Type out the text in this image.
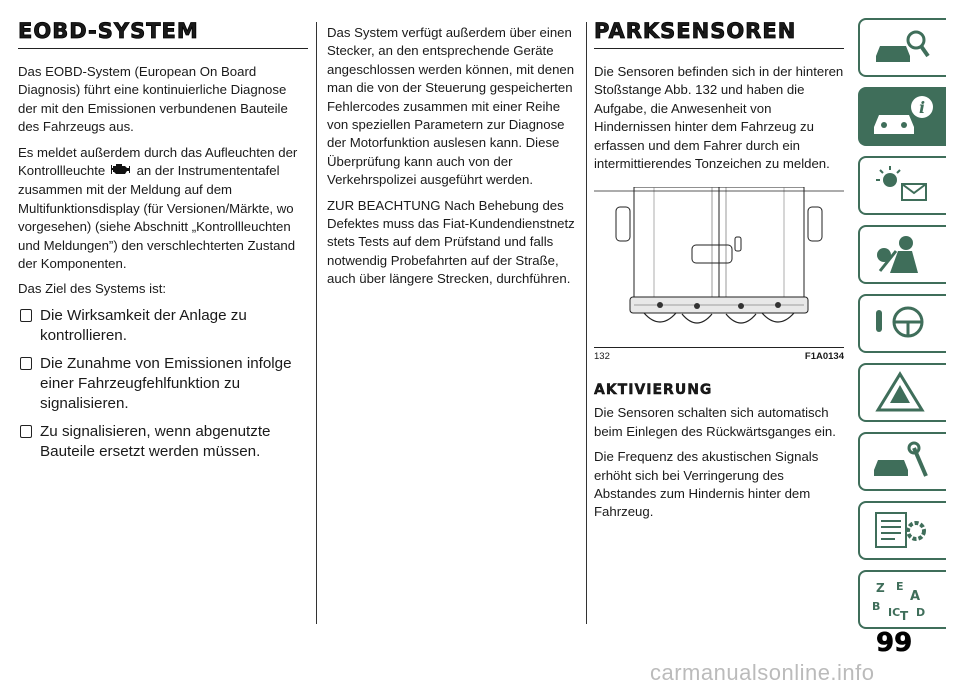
EOBD-SYSTEM

Das EOBD-System (European On Board Diagnosis) führt eine kontinuierliche Diagnose der mit den Emissionen verbundenen Bauteile des Fahrzeugs aus.

Es meldet außerdem durch das Aufleuchten der Kontrollleuchte an der Instrumententafel zusammen mit der Meldung auf dem Multifunktionsdisplay (für Versionen/Märkte, wo vorgesehen) (siehe Abschnitt „Kontrollleuchten und Meldungen”) den verschlechterten Zustand der Komponenten.

Das Ziel des Systems ist:

Die Wirksamkeit der Anlage zu kontrollieren.
Die Zunahme von Emissionen infolge einer Fahrzeugfehlfunktion zu signalisieren.
Zu signalisieren, wenn abgenutzte Bauteile ersetzt werden müssen.

Das System verfügt außerdem über einen Stecker, an den entsprechende Geräte angeschlossen werden können, mit denen man die von der Steuerung gespeicherten Fehlercodes zusammen mit einer Reihe von speziellen Parametern zur Diagnose der Motorfunktion auslesen kann. Diese Überprüfung kann auch von der Verkehrspolizei ausgeführt werden.

ZUR BEACHTUNG Nach Behebung des Defektes muss das Fiat-Kundendienstnetz stets Tests auf dem Prüfstand und falls notwendig Probefahrten auf der Straße, auch über längere Strecken, durchführen.

PARKSENSOREN

Die Sensoren befinden sich in der hinteren Stoßstange Abb. 132 und haben die Aufgabe, die Anwesenheit von Hindernissen hinter dem Fahrzeug zu erfassen und dem Fahrer durch ein intermittierendes Tonzeichen zu melden.

132	F1A0134
AKTIVIERUNG

Die Sensoren schalten sich automatisch beim Einlegen des Rückwärtsganges ein.

Die Frequenz des akustischen Signals erhöht sich bei Verringerung des Abstandes zum Hindernis hinter dem Fahrzeug.

i
Z E
A
B IC T D
99
carmanualsonline.info
